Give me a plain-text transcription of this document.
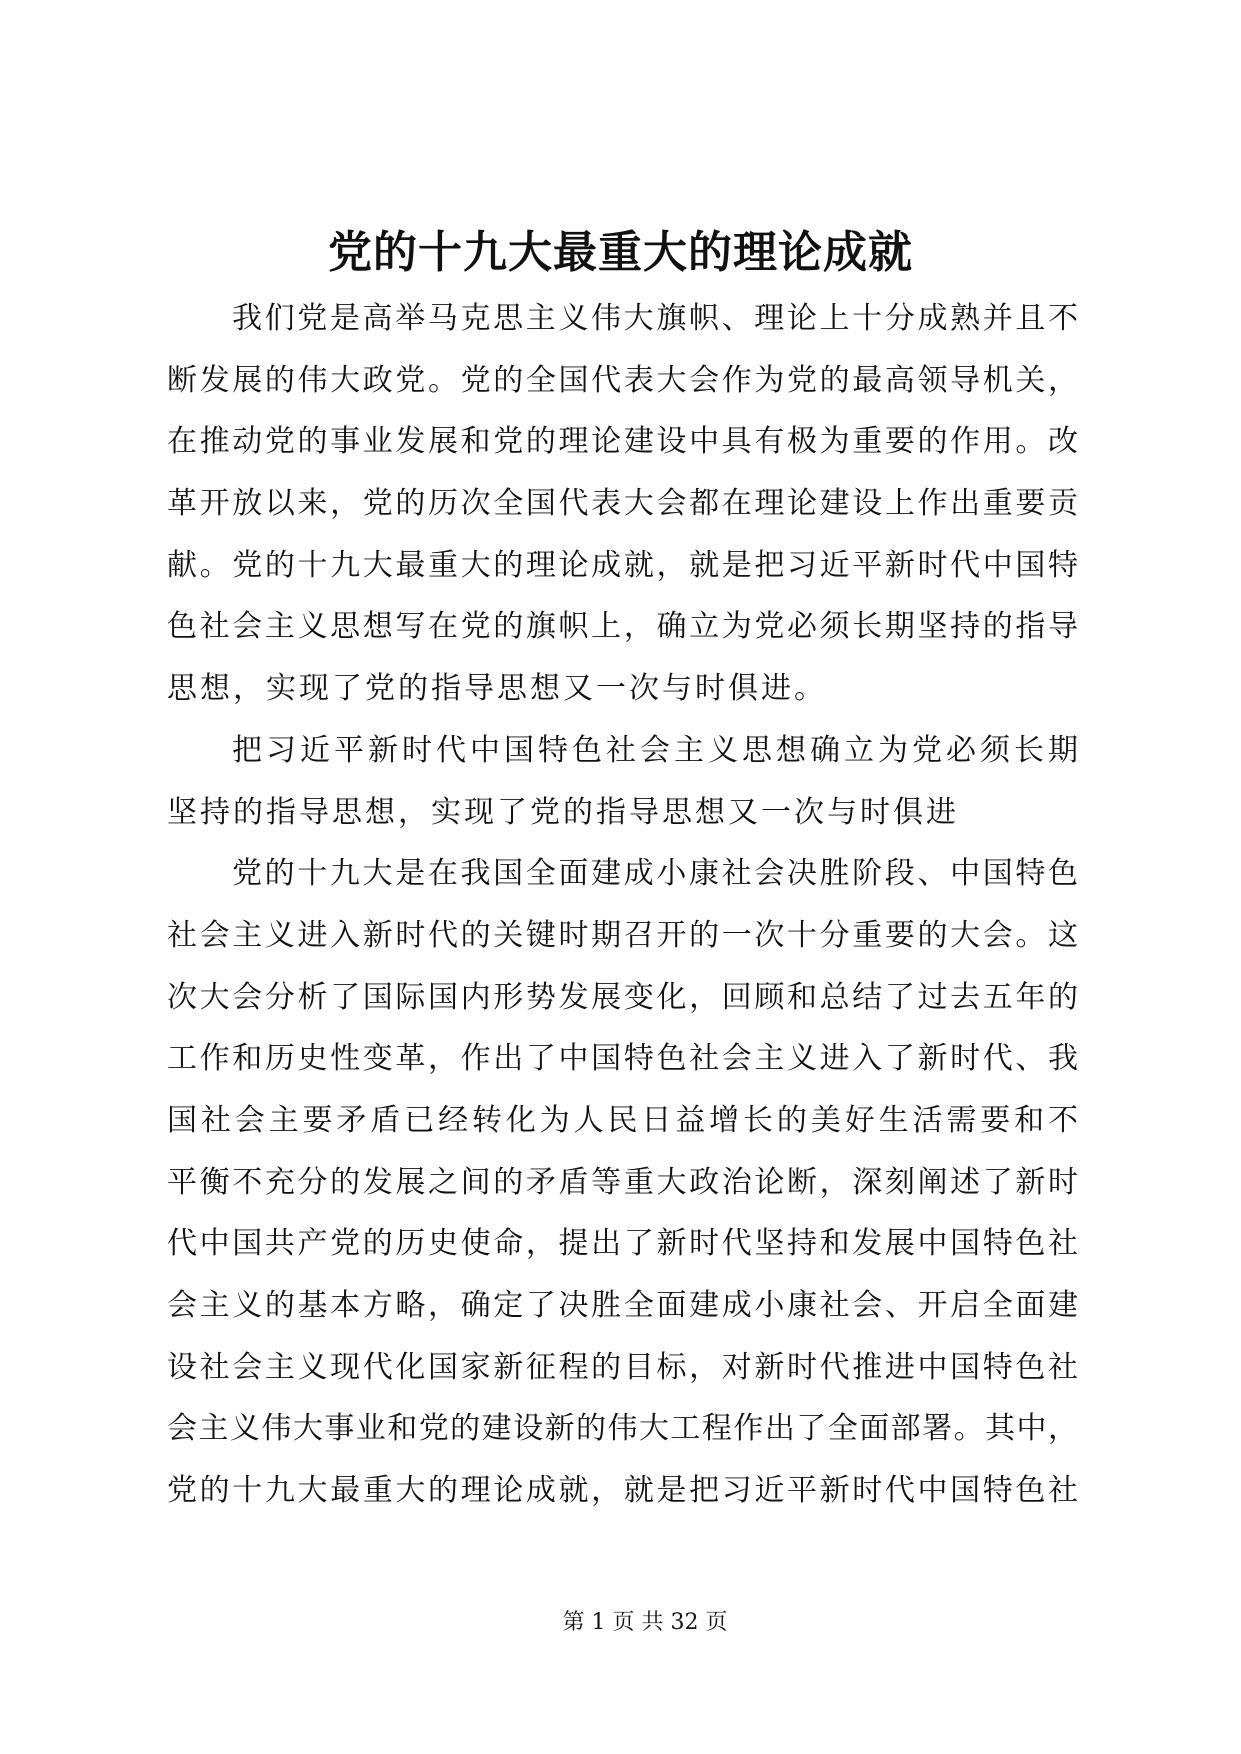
党的十九大最重大的理论成就
我们党是高举马克思主义伟大旗帜、理论上十分成熟并且不
断发展的伟大政党。党的全国代表大会作为党的最高领导机关，
在推动党的事业发展和党的理论建设中具有极为重要的作用。改
革开放以来，党的历次全国代表大会都在理论建设上作出重要贡
献。党的十九大最重大的理论成就，就是把习近平新时代中国特
色社会主义思想写在党的旗帜上，确立为党必须长期坚持的指导
思想，实现了党的指导思想又一次与时俱进。
把习近平新时代中国特色社会主义思想确立为党必须长期
坚持的指导思想，实现了党的指导思想又一次与时俱进
党的十九大是在我国全面建成小康社会决胜阶段、中国特色
社会主义进入新时代的关键时期召开的一次十分重要的大会。这
次大会分析了国际国内形势发展变化，回顾和总结了过去五年的
工作和历史性变革，作出了中国特色社会主义进入了新时代、我
国社会主要矛盾已经转化为人民日益增长的美好生活需要和不
平衡不充分的发展之间的矛盾等重大政治论断，深刻阐述了新时
代中国共产党的历史使命，提出了新时代坚持和发展中国特色社
会主义的基本方略，确定了决胜全面建成小康社会、开启全面建
设社会主义现代化国家新征程的目标，对新时代推进中国特色社
会主义伟大事业和党的建设新的伟大工程作出了全面部署。其中，
党的十九大最重大的理论成就，就是把习近平新时代中国特色社
第 1 页 共 32 页
